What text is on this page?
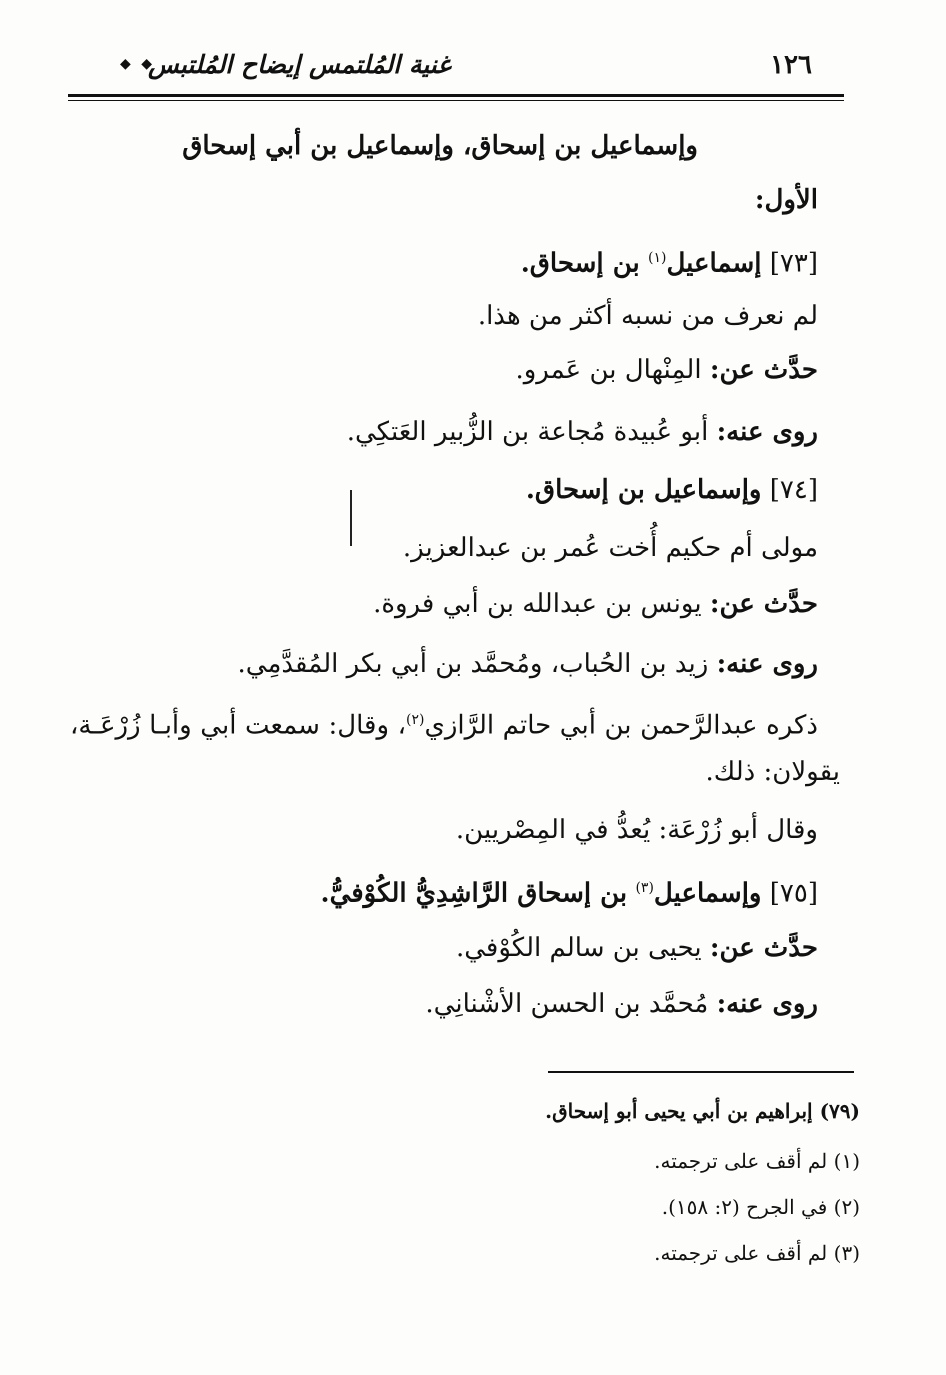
١٢٦
غنية المُلتمس إيضاح المُلتبس
◆ ◆
وإسماعيل بن إسحاق، وإسماعيل بن أبي إسحاق
الأول:
[٧٣] إسماعيل$^{(١)}$ بن إسحاق.
لم نعرف من نسبه أكثر من هذا.
حدَّث عن: المِنْهال بن عَمرو.
روى عنه: أبو عُبيدة مُجاعة بن الزُّبير العَتكِي.
[٧٤] وإسماعيل بن إسحاق.
مولى أم حكيم أُخت عُمر بن عبدالعزيز.
حدَّث عن: يونس بن عبدالله بن أبي فروة.
روى عنه: زيد بن الحُباب، ومُحمَّد بن أبي بكر المُقدَّمِي.
ذكره عبدالرَّحمن بن أبي حاتم الرَّازي$^{(٢)}$، وقال: سمعت أبي وأبـا زُرْعَـة،
يقولان: ذلك.
وقال أبو زُرْعَة: يُعدُّ في المِصْريين.
[٧٥] وإسماعيل$^{(٣)}$ بن إسحاق الرَّاشِدِيُّ الكُوْفيُّ.
حدَّث عن: يحيى بن سالم الكُوْفي.
روى عنه: مُحمَّد بن الحسن الأشْنانِي.
(٧٩) إبراهيم بن أبي يحيى أبو إسحاق.
(١) لم أقف على ترجمته.
(٢) في الجرح (٢: ١٥٨).
(٣) لم أقف على ترجمته.
